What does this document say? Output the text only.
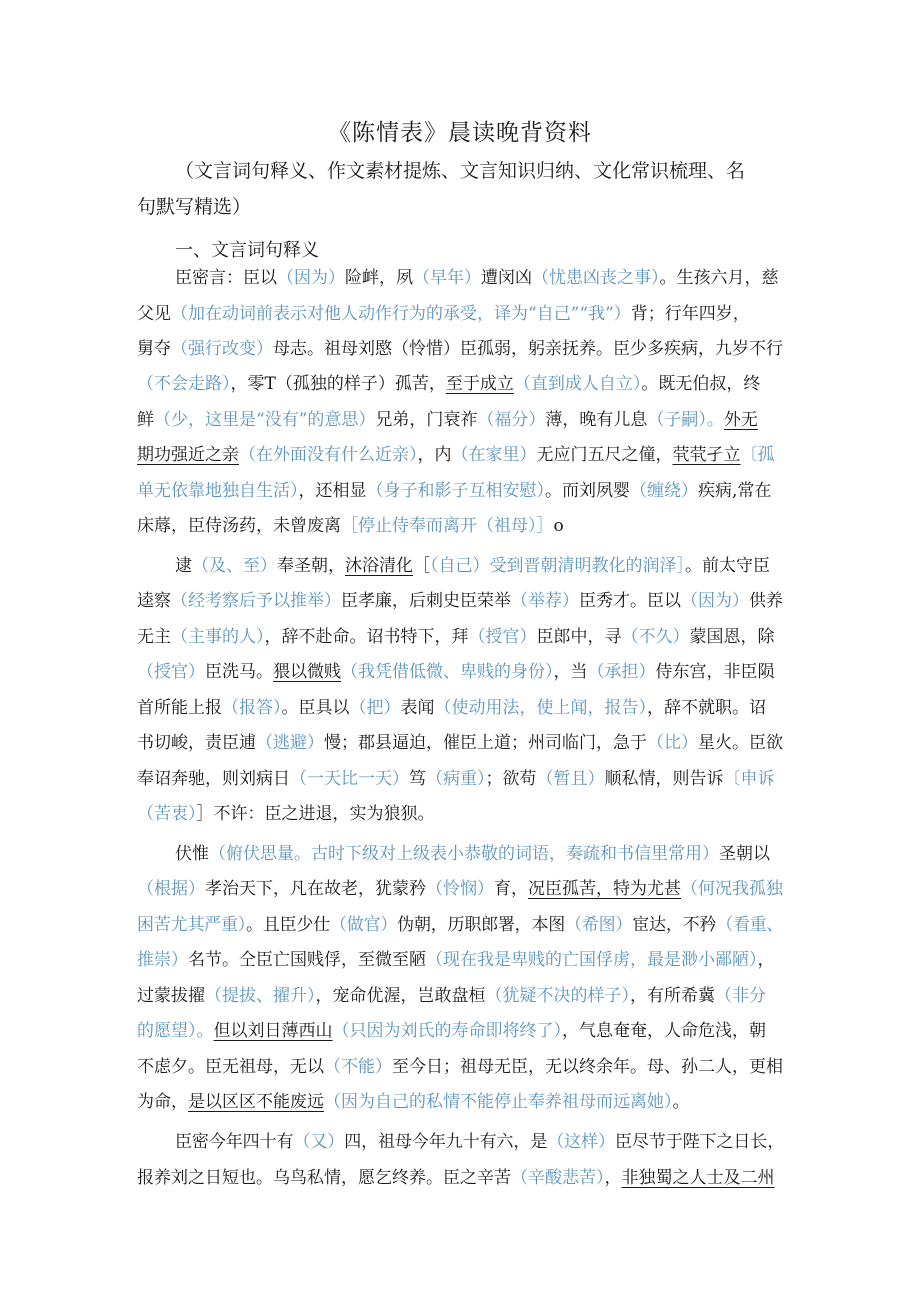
《陈情表》晨读晚背资料
（文言词句释义、作文素材提炼、文言知识归纳、文化常识梳理、名
句默写精选）
一、文言词句释义
臣密言：臣以（因为）险衅，夙（早年）遭闵凶（忧患凶丧之事）。生孩六月，慈
父见（加在动词前表示对他人动作行为的承受，译为“自己”“我”）背；行年四岁，
舅夺（强行改变）母志。祖母刘愍（怜惜）臣孤弱，躬亲抚养。臣少多疾病，九岁不行
（不会走路），零T（孤独的样子）孤苦，至于成立（直到成人自立）。既无伯叔，终
鲜（少，这里是“没有”的意思）兄弟，门衰祚（福分）薄，晚有儿息（子嗣）。外无
期功强近之亲（在外面没有什么近亲），内（在家里）无应门五尺之僮，茕茕孑立〔孤
单无依靠地独自生活），还相显（身子和影子互相安慰）。而刘夙婴（缠绕）疾病,常在
床蓐，臣侍汤药，未曾废离［停止侍奉而离开（祖母）］o
逮（及、至）奉圣朝，沐浴清化［（自己）受到晋朝清明教化的润泽］。前太守臣
逵察（经考察后予以推举）臣孝廉，后刺史臣荣举（举荐）臣秀才。臣以（因为）供养
无主（主事的人），辞不赴命。诏书特下，拜（授官）臣郎中，寻（不久）蒙国恩，除
（授官）臣洗马。猥以微贱（我凭借低微、卑贱的身份），当（承担）侍东宫，非臣陨
首所能上报（报答）。臣具以（把）表闻（使动用法，使上闻，报告），辞不就职。诏
书切峻，责臣逋（逃避）慢；郡县逼迫，催臣上道；州司临门，急于（比）星火。臣欲
奉诏奔驰，则刘病日（一天比一天）笃（病重）；欲苟（暂且）顺私情，则告诉〔申诉
（苦衷）］不许：臣之进退，实为狼狈。
伏惟（俯伏思量。古时下级对上级表小恭敬的词语，奏疏和书信里常用）圣朝以
（根据）孝治天下，凡在故老，犹蒙矜（怜悯）育，况臣孤苦，特为尤甚（何况我孤独
困苦尤其严重）。且臣少仕（做官）伪朝，历职郎署，本图（希图）宦达，不矜（看重、
推崇）名节。仝臣亡国贱俘，至微至陋（现在我是卑贱的亡国俘虏，最是渺小鄙陋），
过蒙拔擢（提拔、擢升），宠命优渥，岂敢盘桓（犹疑不决的样子），有所希冀（非分
的愿望）。但以刘日薄西山（只因为刘氏的寿命即将终了），气息奄奄，人命危浅，朝
不虑夕。臣无祖母，无以（不能）至今日；祖母无臣，无以终余年。母、孙二人，更相
为命，是以区区不能废远（因为自己的私情不能停止奉养祖母而远离她）。
臣密今年四十有（又）四，祖母今年九十有六，是（这样）臣尽节于陛下之日长，
报养刘之日短也。乌鸟私情，愿乞终养。臣之辛苦（辛酸悲苦），非独蜀之人士及二州
